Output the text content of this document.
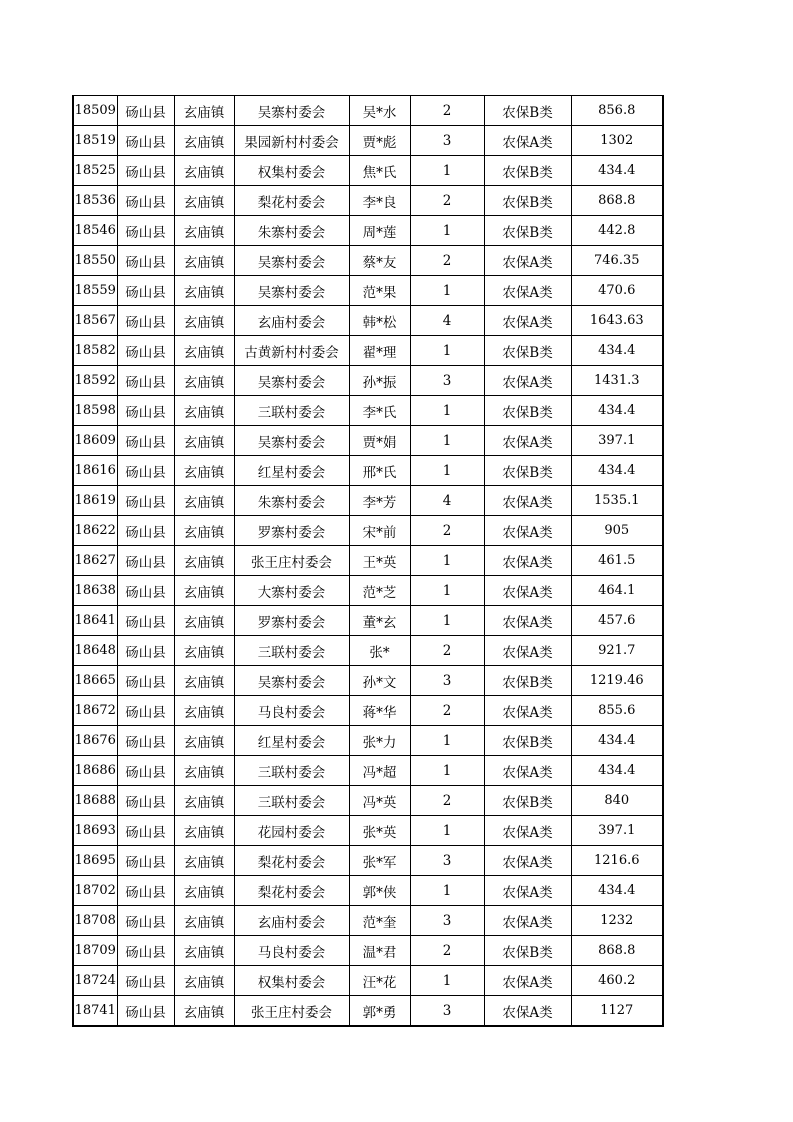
18509	砀山县	玄庙镇	吴寨村委会	吴*水	2	农保B类	856.8
18519	砀山县	玄庙镇	果园新村村委会	贾*彪	3	农保A类	1302
18525	砀山县	玄庙镇	权集村委会	焦*氏	1	农保B类	434.4
18536	砀山县	玄庙镇	梨花村委会	李*良	2	农保B类	868.8
18546	砀山县	玄庙镇	朱寨村委会	周*莲	1	农保B类	442.8
18550	砀山县	玄庙镇	吴寨村委会	蔡*友	2	农保A类	746.35
18559	砀山县	玄庙镇	吴寨村委会	范*果	1	农保A类	470.6
18567	砀山县	玄庙镇	玄庙村委会	韩*松	4	农保A类	1643.63
18582	砀山县	玄庙镇	古黄新村村委会	翟*理	1	农保B类	434.4
18592	砀山县	玄庙镇	吴寨村委会	孙*振	3	农保A类	1431.3
18598	砀山县	玄庙镇	三联村委会	李*氏	1	农保B类	434.4
18609	砀山县	玄庙镇	吴寨村委会	贾*娟	1	农保A类	397.1
18616	砀山县	玄庙镇	红星村委会	邢*氏	1	农保B类	434.4
18619	砀山县	玄庙镇	朱寨村委会	李*芳	4	农保A类	1535.1
18622	砀山县	玄庙镇	罗寨村委会	宋*前	2	农保A类	905
18627	砀山县	玄庙镇	张王庄村委会	王*英	1	农保A类	461.5
18638	砀山县	玄庙镇	大寨村委会	范*芝	1	农保A类	464.1
18641	砀山县	玄庙镇	罗寨村委会	董*玄	1	农保A类	457.6
18648	砀山县	玄庙镇	三联村委会	张*	2	农保A类	921.7
18665	砀山县	玄庙镇	吴寨村委会	孙*文	3	农保B类	1219.46
18672	砀山县	玄庙镇	马良村委会	蒋*华	2	农保A类	855.6
18676	砀山县	玄庙镇	红星村委会	张*力	1	农保B类	434.4
18686	砀山县	玄庙镇	三联村委会	冯*超	1	农保A类	434.4
18688	砀山县	玄庙镇	三联村委会	冯*英	2	农保B类	840
18693	砀山县	玄庙镇	花园村委会	张*英	1	农保A类	397.1
18695	砀山县	玄庙镇	梨花村委会	张*军	3	农保A类	1216.6
18702	砀山县	玄庙镇	梨花村委会	郭*侠	1	农保A类	434.4
18708	砀山县	玄庙镇	玄庙村委会	范*奎	3	农保A类	1232
18709	砀山县	玄庙镇	马良村委会	温*君	2	农保B类	868.8
18724	砀山县	玄庙镇	权集村委会	汪*花	1	农保A类	460.2
18741	砀山县	玄庙镇	张王庄村委会	郭*勇	3	农保A类	1127
